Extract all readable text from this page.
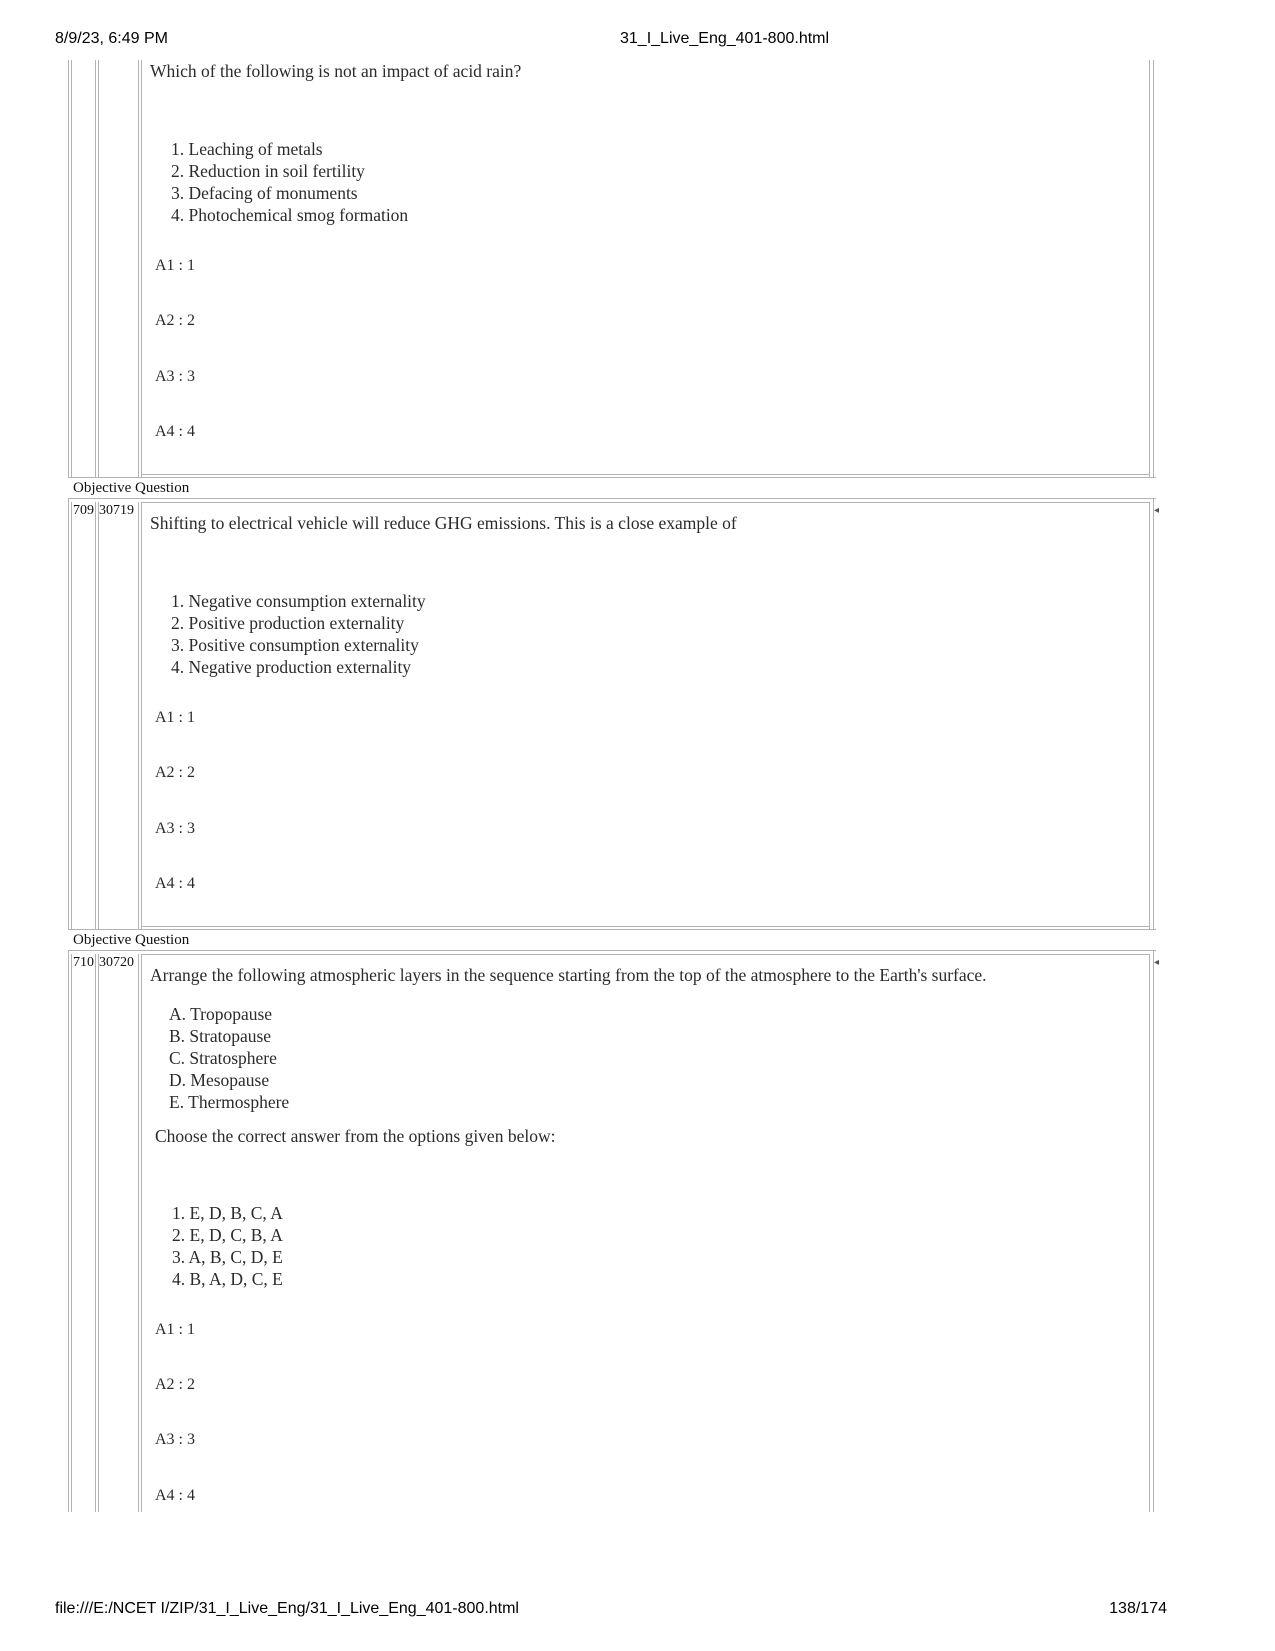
8/9/23, 6:49 PM	31_I_Live_Eng_401-800.html
Which of the following is not an impact of acid rain?
1. Leaching of metals
2. Reduction in soil fertility
3. Defacing of monuments
4. Photochemical smog formation
A1 : 1
A2 : 2
A3 : 3
A4 : 4
Objective Question
709 30719	◂
Shifting to electrical vehicle will reduce GHG emissions. This is a close example of
1. Negative consumption externality
2. Positive production externality
3. Positive consumption externality
4. Negative production externality
A1 : 1
A2 : 2
A3 : 3
A4 : 4
Objective Question
710 30720	◂
Arrange the following atmospheric layers in the sequence starting from the top of the atmosphere to the Earth's surface.
A. Tropopause
B. Stratopause
C. Stratosphere
D. Mesopause
E. Thermosphere
Choose the correct answer from the options given below:
1. E, D, B, C, A
2. E, D, C, B, A
3. A, B, C, D, E
4. B, A, D, C, E
A1 : 1
A2 : 2
A3 : 3
A4 : 4
file:///E:/NCET I/ZIP/31_I_Live_Eng/31_I_Live_Eng_401-800.html	138/174
